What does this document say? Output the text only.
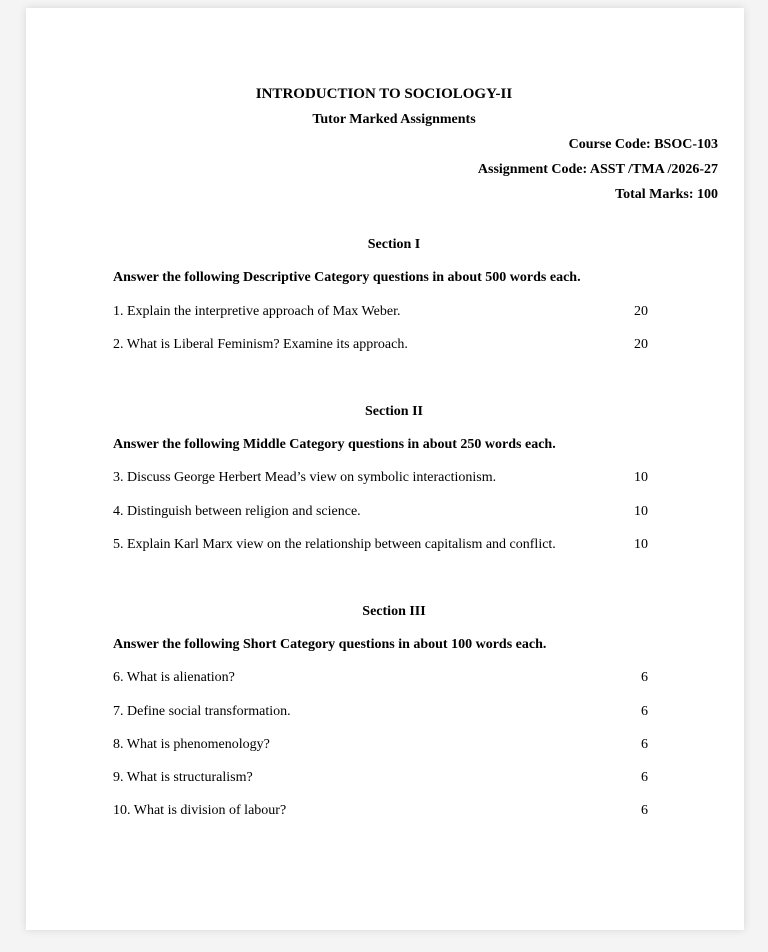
INTRODUCTION TO SOCIOLOGY-II
Tutor Marked Assignments
Course Code: BSOC-103
Assignment Code: ASST /TMA /2026-27
Total Marks: 100
Section I
Answer the following Descriptive Category questions in about 500 words each.
1. Explain the interpretive approach of Max Weber.	20
2. What is Liberal Feminism? Examine its approach.	20
Section II
Answer the following Middle Category questions in about 250 words each.
3. Discuss George Herbert Mead’s view on symbolic interactionism.	10
4. Distinguish between religion and science.	10
5. Explain Karl Marx view on the relationship between capitalism and conflict.	10
Section III
Answer the following Short Category questions in about 100 words each.
6. What is alienation?	6
7. Define social transformation.	6
8. What is phenomenology?	6
9. What is structuralism?	6
10. What is division of labour?	6
